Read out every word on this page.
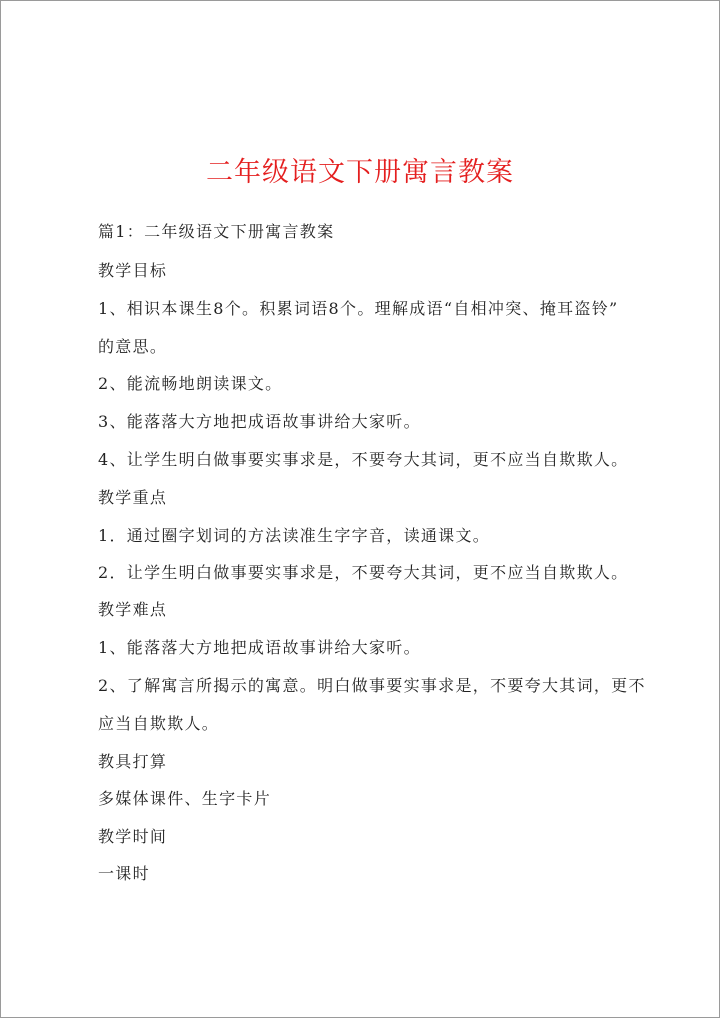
二年级语文下册寓言教案
篇1：二年级语文下册寓言教案
教学目标
1、相识本课生8个。积累词语8个。理解成语“自相冲突、掩耳盗铃”
的意思。
2、能流畅地朗读课文。
3、能落落大方地把成语故事讲给大家听。
4、让学生明白做事要实事求是，不要夸大其词，更不应当自欺欺人。
教学重点
1．通过圈字划词的方法读准生字字音，读通课文。
2．让学生明白做事要实事求是，不要夸大其词，更不应当自欺欺人。
教学难点
1、能落落大方地把成语故事讲给大家听。
2、了解寓言所揭示的寓意。明白做事要实事求是，不要夸大其词，更不
应当自欺欺人。
教具打算
多媒体课件、生字卡片
教学时间
一课时
